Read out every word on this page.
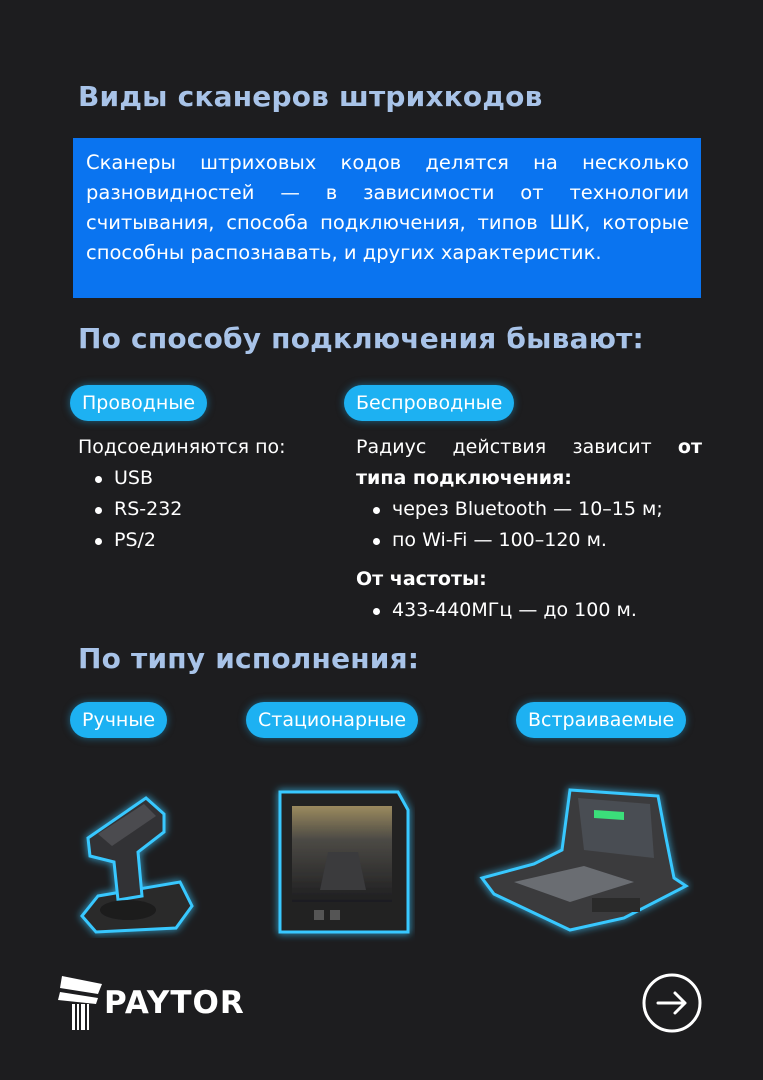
Виды сканеров штрихкодов
Сканеры штриховых кодов делятся на несколько разновидностей — в зависимости от технологии считывания, способа подключения, типов ШК, которые способны распознавать, и других характеристик.
По способу подключения бывают:
Проводные	Беспроводные
Подсоединяются по:
USB
RS-232
PS/2
Радиус действия зависит от
типа подключения:
через Bluetooth — 10–15 м;
по Wi-Fi — 100–120 м.
От частоты:
433-440МГц — до 100 м.
По типу исполнения:
Ручные	Стационарные	Встраиваемые
PAYTOR
